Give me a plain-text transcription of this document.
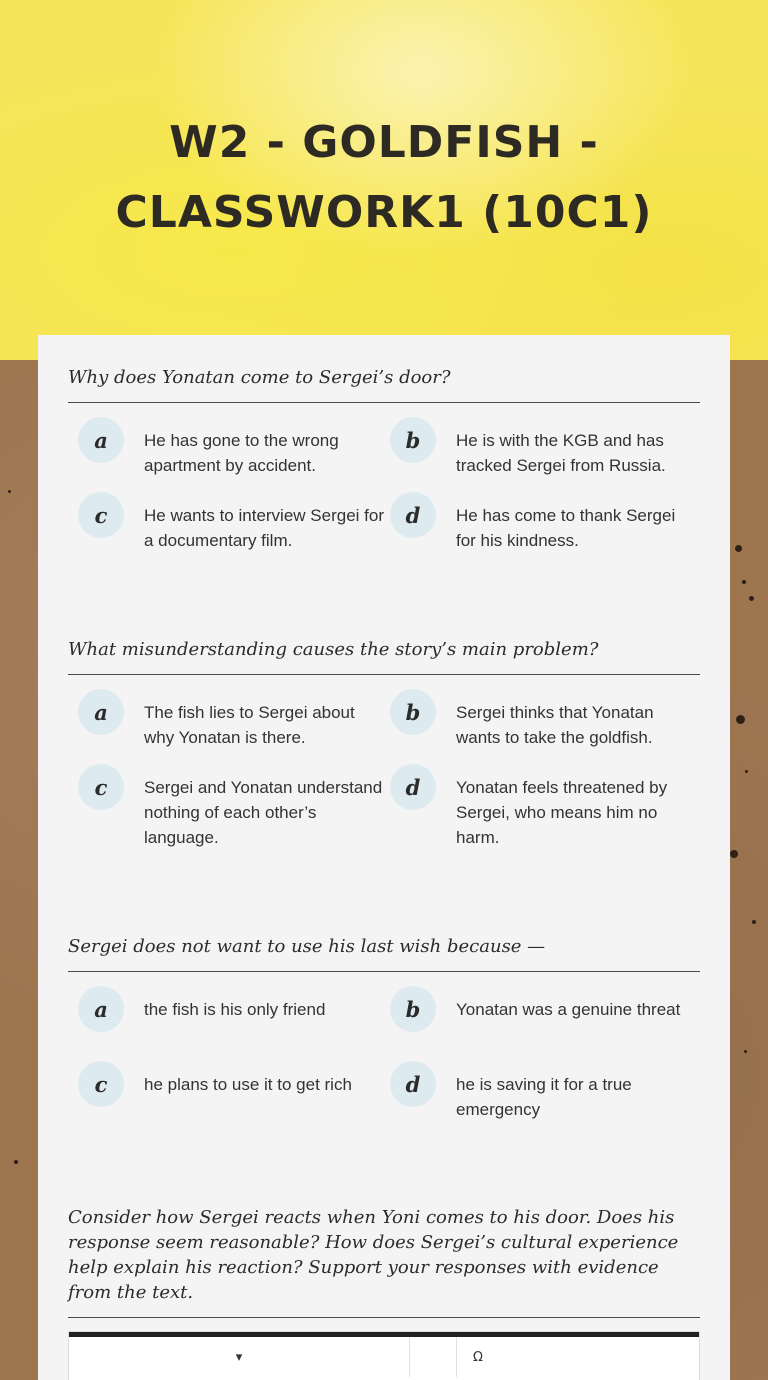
W2 - GOLDFISH - CLASSWORK1 (10C1)
Why does Yonatan come to Sergei’s door?
a	He has gone to the wrong apartment by accident.
b	He is with the KGB and has tracked Sergei from Russia.
c	He wants to interview Sergei for a documentary film.
d	He has come to thank Sergei for his kindness.
What misunderstanding causes the story’s main problem?
a	The fish lies to Sergei about why Yonatan is there.
b	Sergei thinks that Yonatan wants to take the goldfish.
c	Sergei and Yonatan understand nothing of each other’s language.
d	Yonatan feels threatened by Sergei, who means him no harm.
Sergei does not want to use his last wish because —
a	the fish is his only friend	b	Yonatan was a genuine threat
c	he plans to use it to get rich	d	he is saving it for a true emergency
Consider how Sergei reacts when Yoni comes to his door. Does his response seem reasonable? How does Sergei’s cultural experience help explain his reaction? Support your responses with evidence from the text.
▾	Ω
